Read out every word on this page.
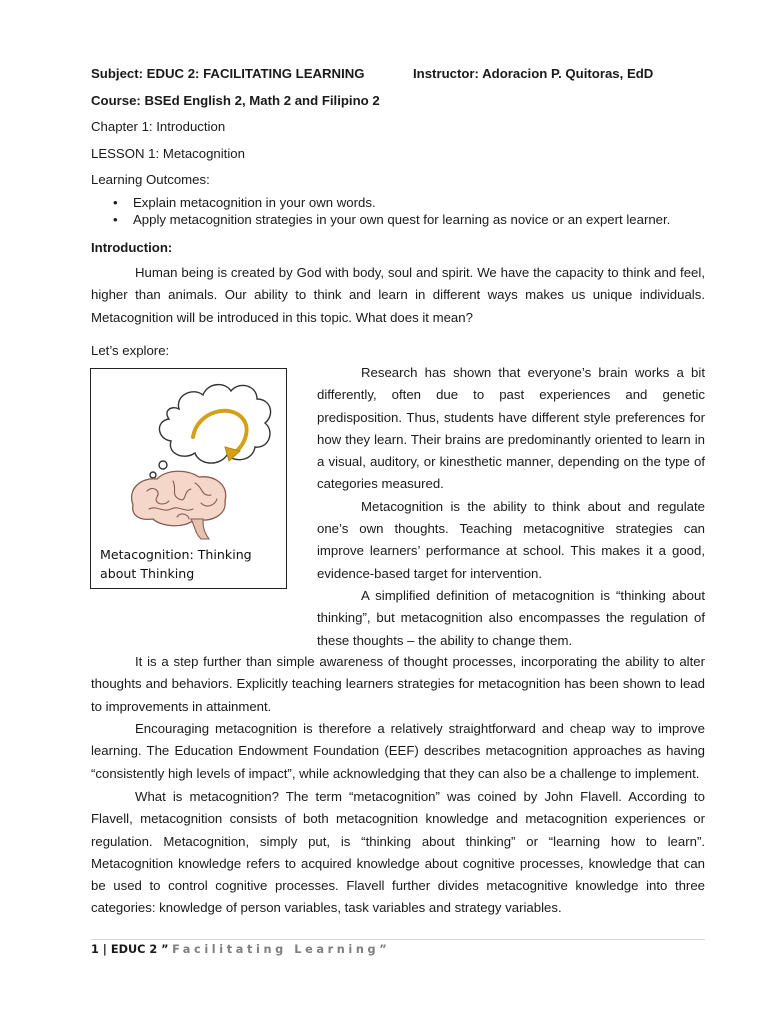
Subject: EDUC 2: FACILITATING LEARNING	Instructor: Adoracion P. Quitoras, EdD
Course: BSEd English 2, Math 2 and Filipino 2
Chapter 1: Introduction
LESSON 1: Metacognition
Learning Outcomes:
• Explain metacognition in your own words.
• Apply metacognition strategies in your own quest for learning as novice or an expert learner.
Introduction:
Human being is created by God with body, soul and spirit. We have the capacity to think and feel, higher than animals. Our ability to think and learn in different ways makes us unique individuals. Metacognition will be introduced in this topic. What does it mean?
Let’s explore:
Metacognition: Thinking about Thinking
Research has shown that everyone’s brain works a bit differently, often due to past experiences and genetic predisposition. Thus, students have different style preferences for how they learn. Their brains are predominantly oriented to learn in a visual, auditory, or kinesthetic manner, depending on the type of categories measured.
Metacognition is the ability to think about and regulate one’s own thoughts. Teaching metacognitive strategies can improve learners’ performance at school. This makes it a good, evidence-based target for intervention.
A simplified definition of metacognition is “thinking about thinking”, but metacognition also encompasses the regulation of these thoughts – the ability to change them.
It is a step further than simple awareness of thought processes, incorporating the ability to alter thoughts and behaviors. Explicitly teaching learners strategies for metacognition has been shown to lead to improvements in attainment.
Encouraging metacognition is therefore a relatively straightforward and cheap way to improve learning. The Education Endowment Foundation (EEF) describes metacognition approaches as having “consistently high levels of impact”, while acknowledging that they can also be a challenge to implement.
What is metacognition? The term “metacognition” was coined by John Flavell. According to Flavell, metacognition consists of both metacognition knowledge and metacognition experiences or regulation. Metacognition, simply put, is “thinking about thinking” or “learning how to learn”. Metacognition knowledge refers to acquired knowledge about cognitive processes, knowledge that can be used to control cognitive processes. Flavell further divides metacognitive knowledge into three categories: knowledge of person variables, task variables and strategy variables.
1 | EDUC 2 ” Facilitating Learning”
